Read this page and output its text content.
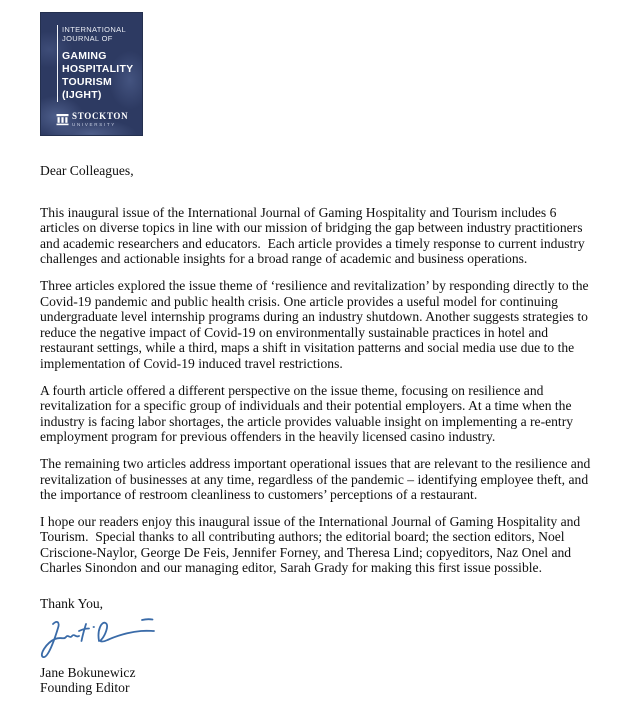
INTERNATIONAL
JOURNAL OF
GAMING
HOSPITALITY
TOURISM
(IJGHT)
STOCKTON
UNIVERSITY
Dear Colleagues,

This inaugural issue of the International Journal of Gaming Hospitality and Tourism includes 6 articles on diverse topics in line with our mission of bridging the gap between industry practitioners and academic researchers and educators.  Each article provides a timely response to current industry challenges and actionable insights for a broad range of academic and business operations.

Three articles explored the issue theme of ‘resilience and revitalization’ by responding directly to the Covid-19 pandemic and public health crisis. One article provides a useful model for continuing undergraduate level internship programs during an industry shutdown. Another suggests strategies to reduce the negative impact of Covid-19 on environmentally sustainable practices in hotel and restaurant settings, while a third, maps a shift in visitation patterns and social media use due to the implementation of Covid-19 induced travel restrictions.

A fourth article offered a different perspective on the issue theme, focusing on resilience and revitalization for a specific group of individuals and their potential employers. At a time when the industry is facing labor shortages, the article provides valuable insight on implementing a re-entry employment program for previous offenders in the heavily licensed casino industry.

The remaining two articles address important operational issues that are relevant to the resilience and revitalization of businesses at any time, regardless of the pandemic – identifying employee theft, and the importance of restroom cleanliness to customers’ perceptions of a restaurant.

I hope our readers enjoy this inaugural issue of the International Journal of Gaming Hospitality and Tourism.  Special thanks to all contributing authors; the editorial board; the section editors, Noel Criscione-Naylor, George De Feis, Jennifer Forney, and Theresa Lind; copyeditors, Naz Onel and Charles Sinondon and our managing editor, Sarah Grady for making this first issue possible.

Thank You,
Jane Bokunewicz
Founding Editor
